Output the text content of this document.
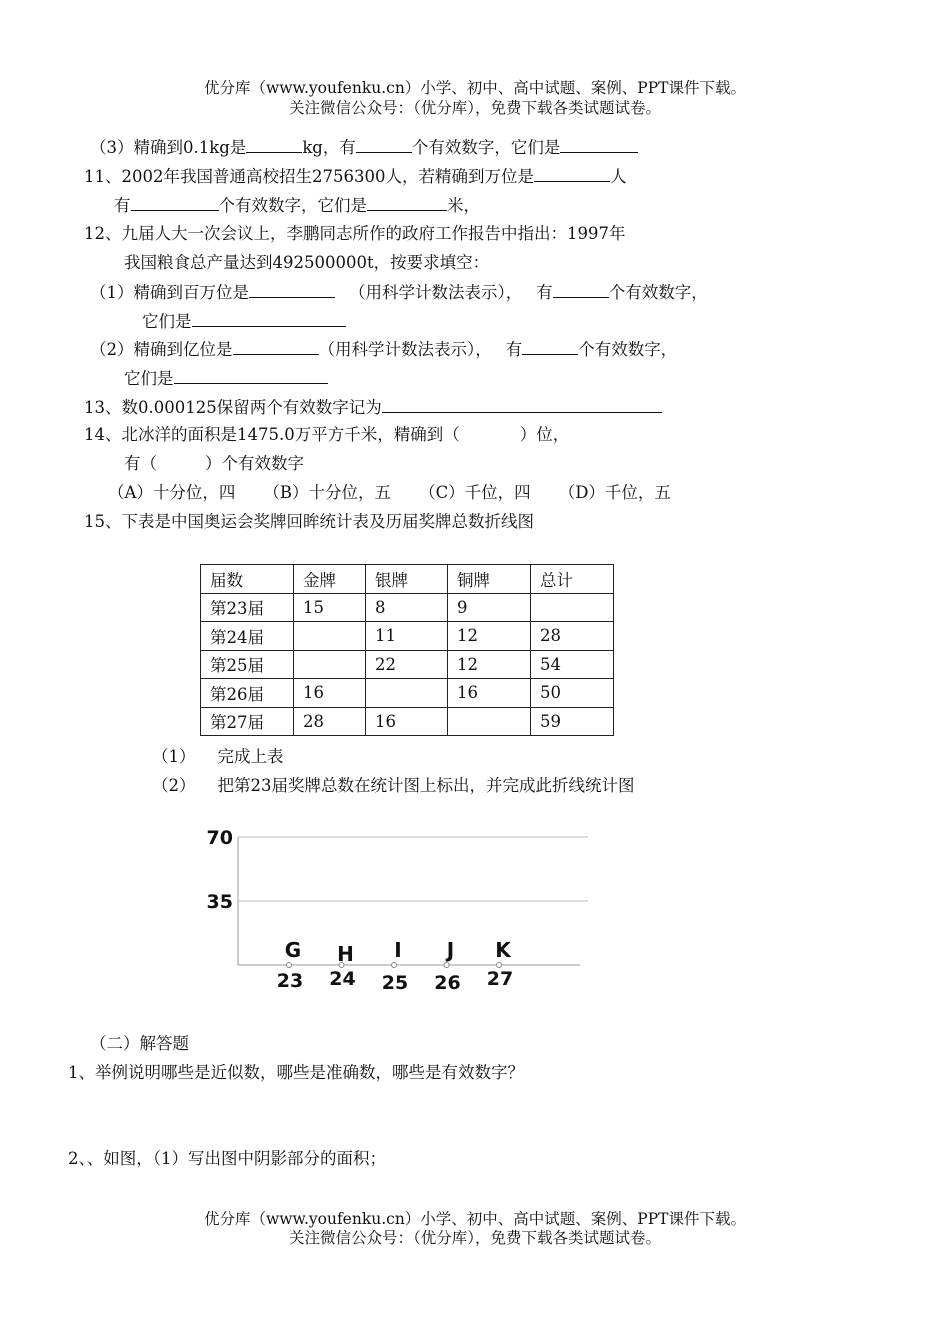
优分库（www.youfenku.cn）小学、初中、高中试题、案例、PPT课件下载。
关注微信公众号：（优分库），免费下载各类试题试卷。
（3）精确到0.1kg是	kg，有	个有效数字，它们是
11、2002年我国普通高校招生2756300人，若精确到万位是	人
有	个有效数字，它们是	米，
12、九届人大一次会议上，李鹏同志所作的政府工作报告中指出：1997年
我国粮食总产量达到492500000t，按要求填空：
（1）精确到百万位是	（用科学计数法表示）， 有	个有效数字，
它们是
（2）精确到亿位是	（用科学计数法表示）， 有	个有效数字，
它们是
13、数0.000125保留两个有效数字记为
14、北冰洋的面积是1475.0万平方千米，精确到（	）位，
有（	）个有效数字
（A）十分位，四 （B）十分位，五 （C）千位，四 （D）千位，五
15、下表是中国奥运会奖牌回眸统计表及历届奖牌总数折线图
届数	金牌	银牌	铜牌	总计
第23届	15	8	9	
第24届		11	12	28
第25届		22	12	54
第26届	16		16	50
第27届	28	16		59
（1） 完成上表
（2） 把第23届奖牌总数在统计图上标出，并完成此折线统计图
70
35
G H I J K
23 24 25 26 27
（二）解答题
1、举例说明哪些是近似数，哪些是准确数，哪些是有效数字？
2、、如图，（1）写出图中阴影部分的面积；
优分库（www.youfenku.cn）小学、初中、高中试题、案例、PPT课件下载。
关注微信公众号：（优分库），免费下载各类试题试卷。
